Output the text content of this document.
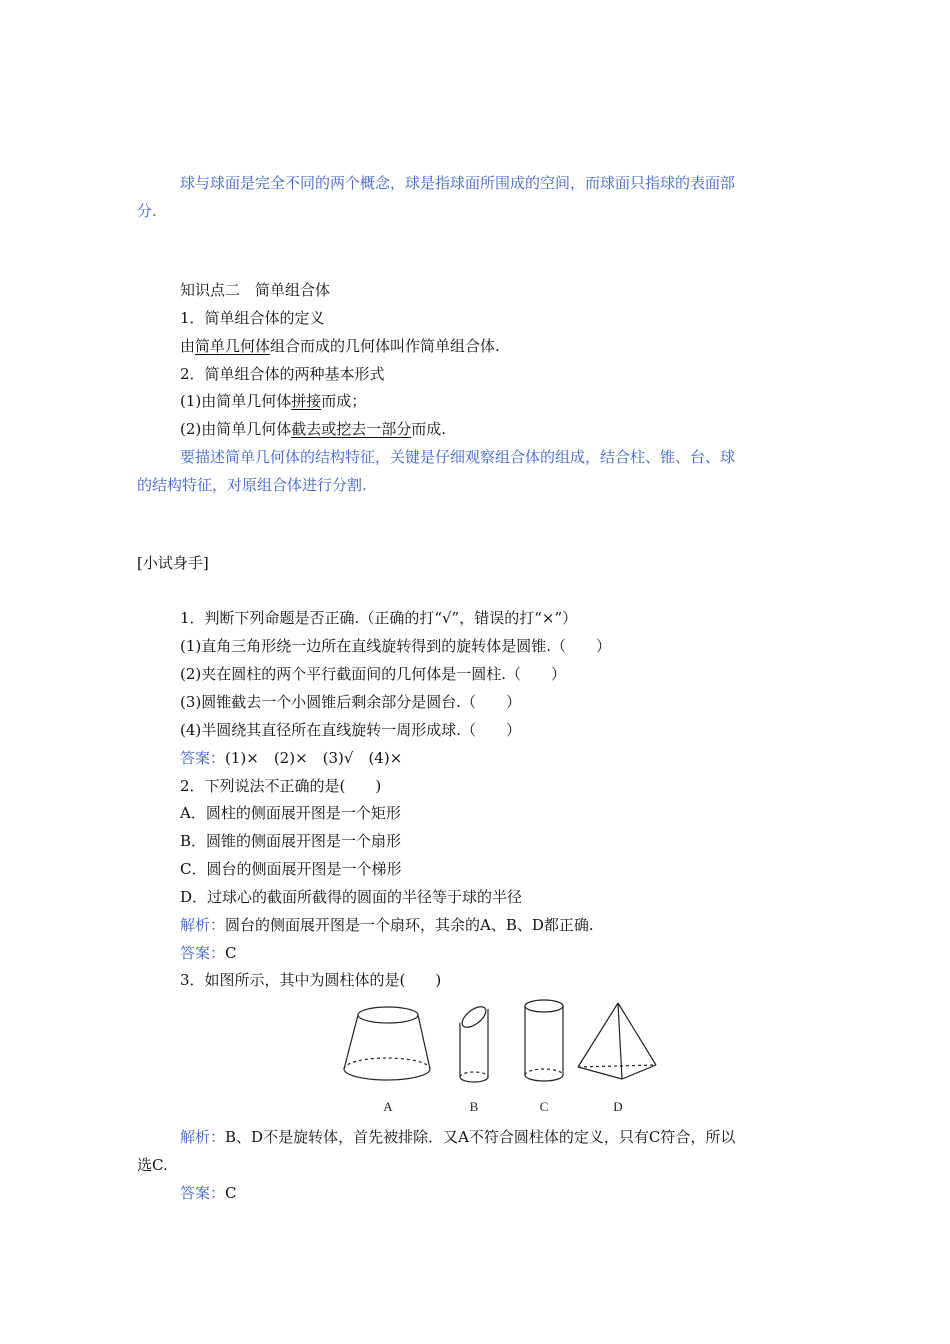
球与球面是完全不同的两个概念，球是指球面所围成的空间，而球面只指球的表面部
分.
知识点二　简单组合体
1．简单组合体的定义
由简单几何体组合而成的几何体叫作简单组合体.
2．简单组合体的两种基本形式
(1)由简单几何体拼接而成；
(2)由简单几何体截去或挖去一部分而成.
要描述简单几何体的结构特征，关键是仔细观察组合体的组成，结合柱、锥、台、球
的结构特征，对原组合体进行分割.
[小试身手]
1．判断下列命题是否正确.（正确的打“√”，错误的打“×”）
(1)直角三角形绕一边所在直线旋转得到的旋转体是圆锥.（　　）
(2)夹在圆柱的两个平行截面间的几何体是一圆柱.（　　）
(3)圆锥截去一个小圆锥后剩余部分是圆台.（　　）
(4)半圆绕其直径所在直线旋转一周形成球.（　　）
答案：(1)×　(2)×　(3)√　(4)×
2．下列说法不正确的是(　　)
A．圆柱的侧面展开图是一个矩形
B．圆锥的侧面展开图是一个扇形
C．圆台的侧面展开图是一个梯形
D．过球心的截面所截得的圆面的半径等于球的半径
解析：圆台的侧面展开图是一个扇环，其余的A、B、D都正确.
答案：C
3．如图所示，其中为圆柱体的是(　　)
A	B	C	D
解析：B、D不是旋转体，首先被排除．又A不符合圆柱体的定义，只有C符合，所以
选C.
答案：C
